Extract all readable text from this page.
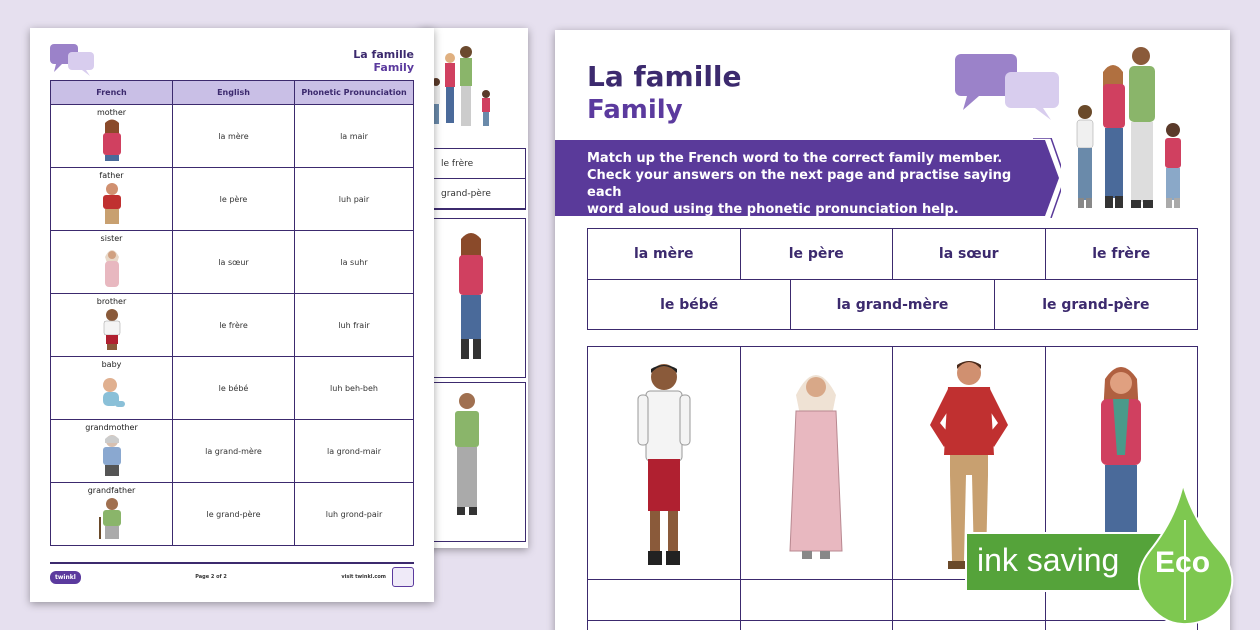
le frère
grand-père
La famille
Family
French	English	Phonetic Pronunciation

mother	la mère	la mair

father	le père	luh pair

sister	la sœur	la suhr

brother	le frère	luh frair

baby	le bébé	luh beh-beh

grandmother	la grand-mère	la grond-mair

grandfather	le grand-père	luh grond-pair
twinkl	Page 2 of 2	visit twinkl.com
La famille
Family
Match up the French word to the correct family member.
Check your answers on the next page and practise saying each
word aloud using the phonetic pronunciation help.
la mère	le père	la sœur	le frère
le bébé	la grand-mère	le grand-père
ink saving Eco
